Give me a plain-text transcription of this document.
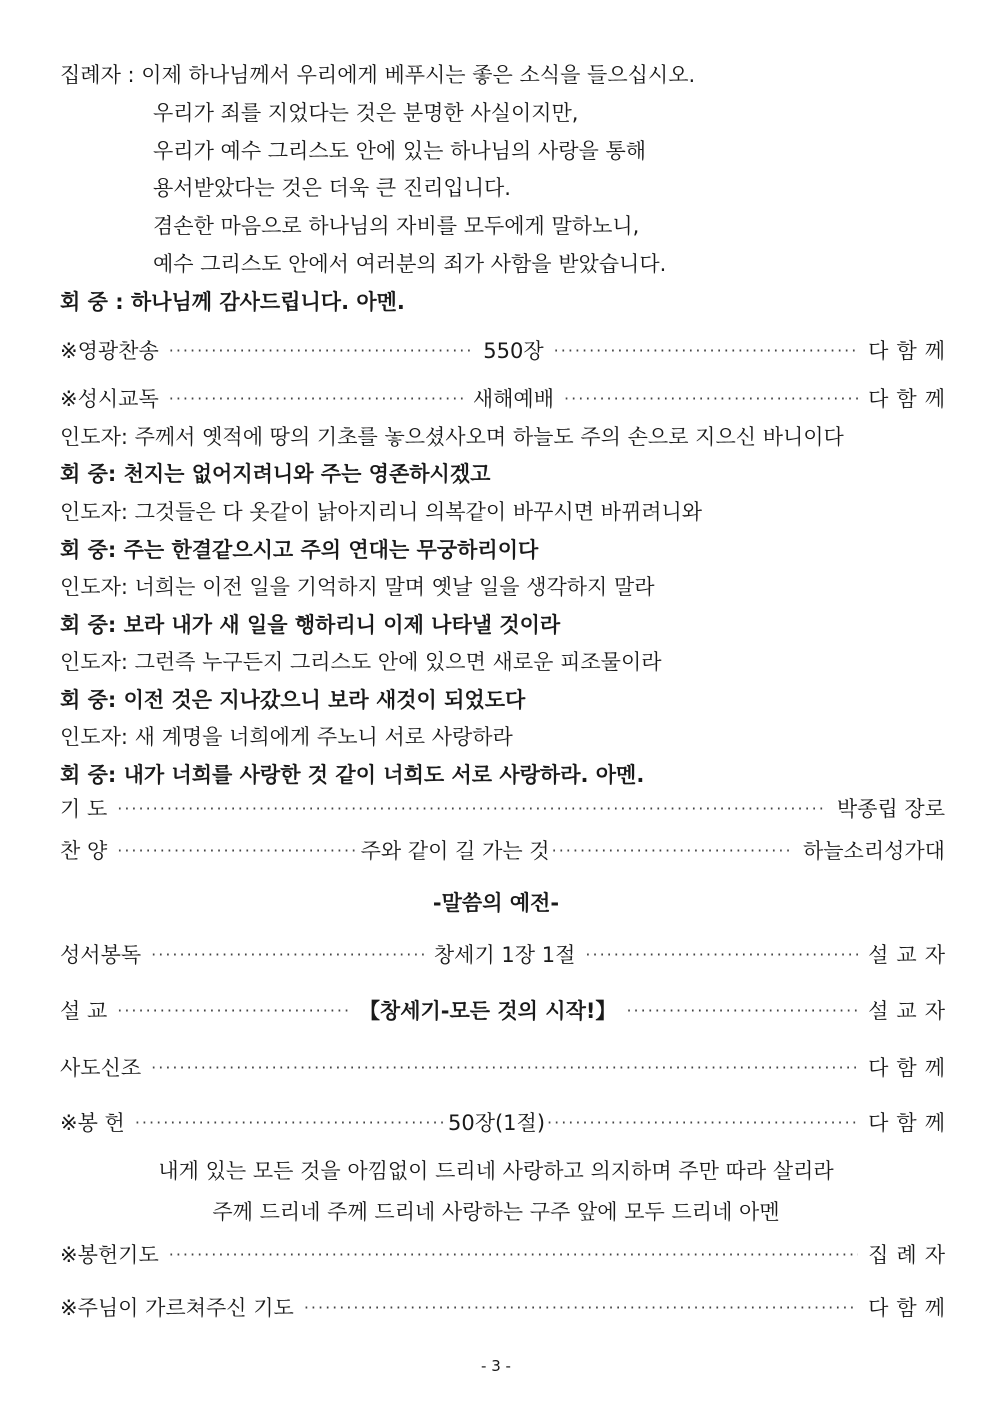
집례자 : 이제 하나님께서 우리에게 베푸시는 좋은 소식을 들으십시오.
우리가 죄를 지었다는 것은 분명한 사실이지만,
우리가 예수 그리스도 안에 있는 하나님의 사랑을 통해
용서받았다는 것은 더욱 큰 진리입니다.
겸손한 마음으로 하나님의 자비를 모두에게 말하노니,
예수 그리스도 안에서 여러분의 죄가 사함을 받았습니다.
회 중 : 하나님께 감사드립니다. 아멘.
※영광찬송 ·····	550장 ·····	다함께
※성시교독 ·····	새해예배 ·····	다함께
인도자: 주께서 옛적에 땅의 기초를 놓으셨사오며 하늘도 주의 손으로 지으신 바니이다
회 중: 천지는 없어지려니와 주는 영존하시겠고
인도자: 그것들은 다 옷같이 낡아지리니 의복같이 바꾸시면 바뀌려니와
회 중: 주는 한결같으시고 주의 연대는 무궁하리이다
인도자: 너희는 이전 일을 기억하지 말며 옛날 일을 생각하지 말라
회 중: 보라 내가 새 일을 행하리니 이제 나타낼 것이라
인도자: 그런즉 누구든지 그리스도 안에 있으면 새로운 피조물이라
회 중: 이전 것은 지나갔으니 보라 새것이 되었도다
인도자: 새 계명을 너희에게 주노니 서로 사랑하라
회 중: 내가 너희를 사랑한 것 같이 너희도 서로 사랑하라. 아멘.
기 도 ·····	박종립 장로
찬 양 ·····	주와 같이 길 가는 것 ·····	하늘소리성가대
-말씀의 예전-
성서봉독 ·····	창세기 1장 1절 ·····	설교자
설 교 ·····	【창세기-모든 것의 시작!】 ·····	설교자
사도신조 ·····	다함께
※봉 헌 ·····	50장(1절) ·····	다함께
내게 있는 모든 것을 아낌없이 드리네 사랑하고 의지하며 주만 따라 살리라
주께 드리네 주께 드리네 사랑하는 구주 앞에 모두 드리네 아멘
※봉헌기도 ·····	집례자
※주님이 가르쳐주신 기도 ·····	다함께
- 3 -
